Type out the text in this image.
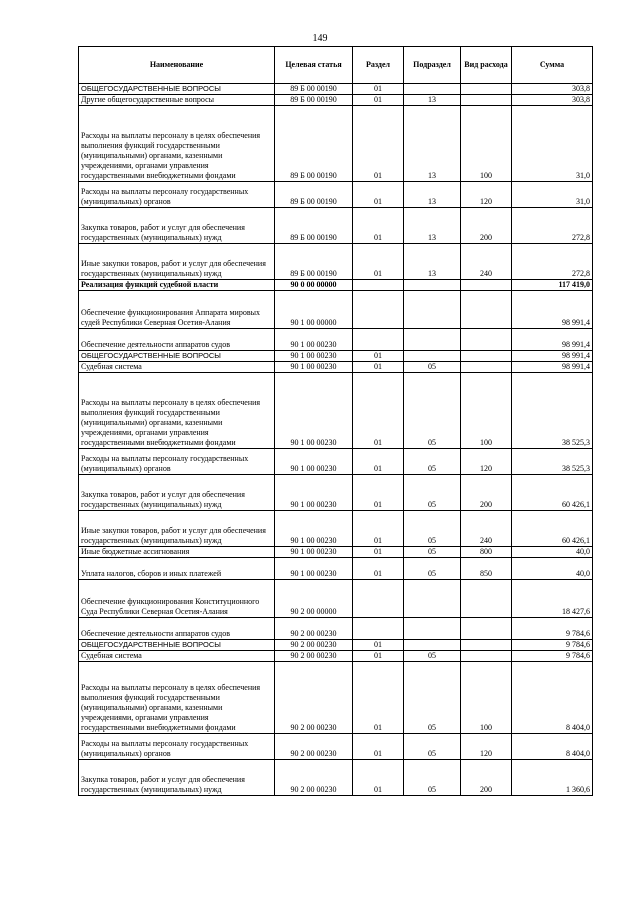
149
Наименование	Целевая статья	Раздел	Подраздел	Вид расхода	Сумма
ОБЩЕГОСУДАРСТВЕННЫЕ ВОПРОСЫ	89 Б 00 00190	01			303,8
Другие общегосударственные вопросы	89 Б 00 00190	01	13		303,8
Расходы на выплаты персоналу в целях обеспечения выполнения функций государственными (муниципальными) органами, казенными учреждениями, органами управления государственными внебюджетными фондами	89 Б 00 00190	01	13	100	31,0
Расходы на выплаты персоналу государственных (муниципальных) органов	89 Б 00 00190	01	13	120	31,0
Закупка товаров, работ и услуг для обеспечения государственных (муниципальных) нужд	89 Б 00 00190	01	13	200	272,8
Иные закупки товаров, работ и услуг для обеспечения государственных (муниципальных) нужд	89 Б 00 00190	01	13	240	272,8
Реализация функций судебной власти	90 0 00 00000				117 419,0
Обеспечение функционирования Аппарата мировых судей Республики Северная Осетия-Алания	90 1 00 00000				98 991,4
Обеспечение деятельности аппаратов судов	90 1 00 00230				98 991,4
ОБЩЕГОСУДАРСТВЕННЫЕ ВОПРОСЫ	90 1 00 00230	01			98 991,4
Судебная система	90 1 00 00230	01	05		98 991,4
Расходы на выплаты персоналу в целях обеспечения выполнения функций государственными (муниципальными) органами, казенными учреждениями, органами управления государственными внебюджетными фондами	90 1 00 00230	01	05	100	38 525,3
Расходы на выплаты персоналу государственных (муниципальных) органов	90 1 00 00230	01	05	120	38 525,3
Закупка товаров, работ и услуг для обеспечения государственных (муниципальных) нужд	90 1 00 00230	01	05	200	60 426,1
Иные закупки товаров, работ и услуг для обеспечения государственных (муниципальных) нужд	90 1 00 00230	01	05	240	60 426,1
Иные бюджетные ассигнования	90 1 00 00230	01	05	800	40,0
Уплата налогов, сборов и иных платежей	90 1 00 00230	01	05	850	40,0
Обеспечение функционирования Конституционного Суда Республики Северная Осетия-Алания	90 2 00 00000				18 427,6
Обеспечение деятельности аппаратов судов	90 2 00 00230				9 784,6
ОБЩЕГОСУДАРСТВЕННЫЕ ВОПРОСЫ	90 2 00 00230	01			9 784,6
Судебная система	90 2 00 00230	01	05		9 784,6
Расходы на выплаты персоналу в целях обеспечения выполнения функций государственными (муниципальными) органами, казенными учреждениями, органами управления государственными внебюджетными фондами	90 2 00 00230	01	05	100	8 404,0
Расходы на выплаты персоналу государственных (муниципальных) органов	90 2 00 00230	01	05	120	8 404,0
Закупка товаров, работ и услуг для обеспечения государственных (муниципальных) нужд	90 2 00 00230	01	05	200	1 360,6
